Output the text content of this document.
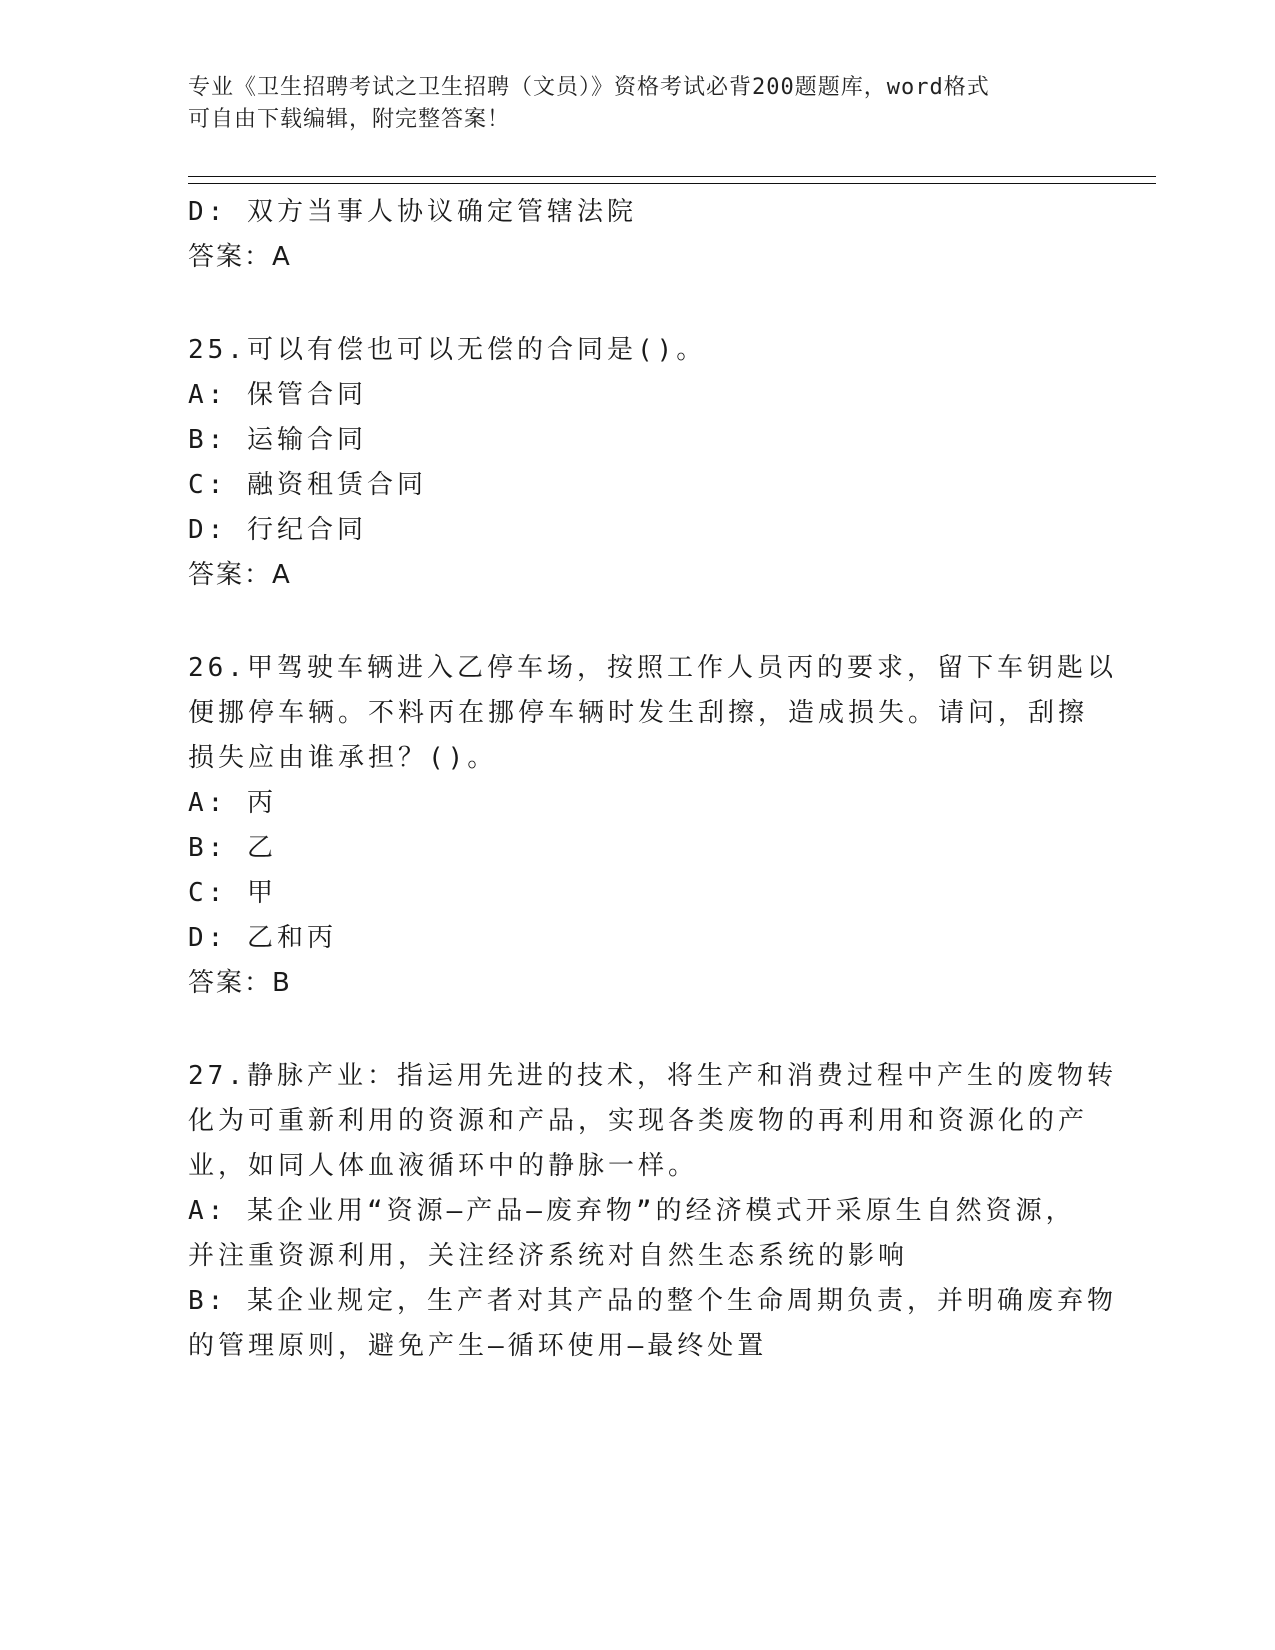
专业《卫生招聘考试之卫生招聘（文员）》资格考试必背200题题库，word格式

可自由下载编辑，附完整答案！

D: 双方当事人协议确定管辖法院
答案：A
25.可以有偿也可以无偿的合同是()。
A: 保管合同
B: 运输合同
C: 融资租赁合同
D: 行纪合同
答案：A
26.甲驾驶车辆进入乙停车场，按照工作人员丙的要求，留下车钥匙以
便挪停车辆。不料丙在挪停车辆时发生刮擦，造成损失。请问，刮擦
损失应由谁承担？()。
A: 丙
B: 乙
C: 甲
D: 乙和丙
答案：B
27.静脉产业：指运用先进的技术，将生产和消费过程中产生的废物转
化为可重新利用的资源和产品，实现各类废物的再利用和资源化的产
业，如同人体血液循环中的静脉一样。
A: 某企业用“资源—产品—废弃物”的经济模式开采原生自然资源，
并注重资源利用，关注经济系统对自然生态系统的影响
B: 某企业规定，生产者对其产品的整个生命周期负责，并明确废弃物
的管理原则，避免产生—循环使用—最终处置
